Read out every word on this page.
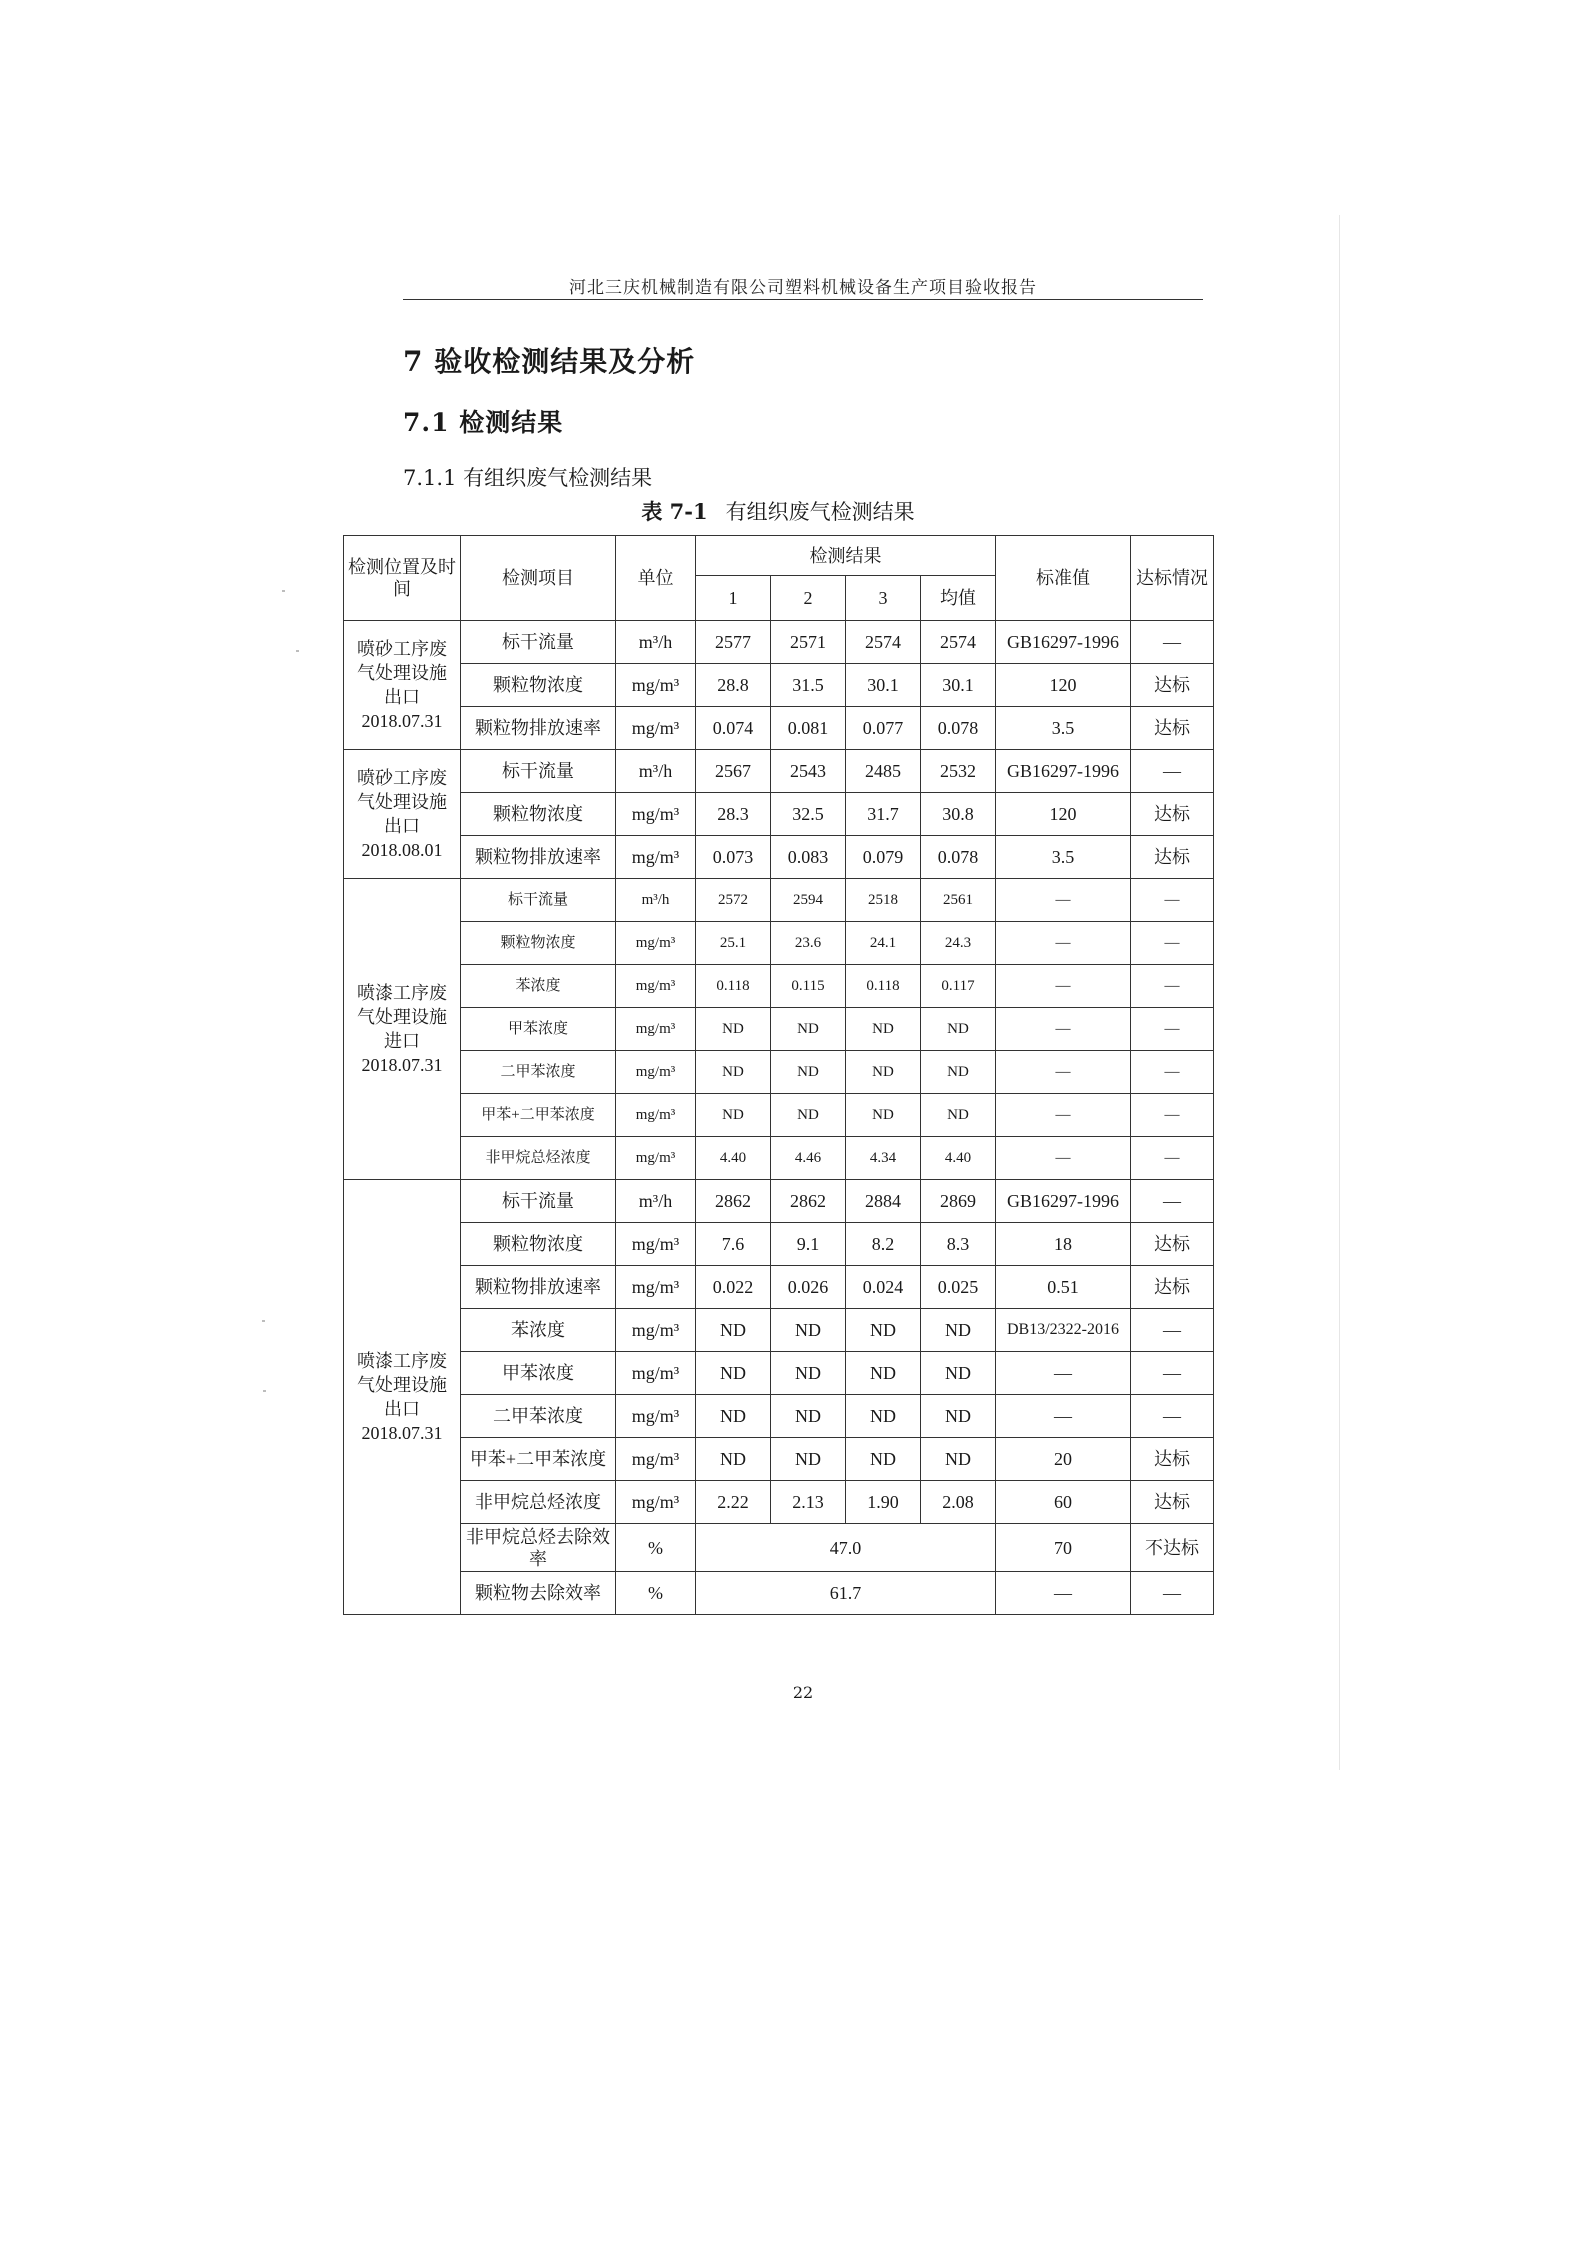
河北三庆机械制造有限公司塑料机械设备生产项目验收报告
7 验收检测结果及分析
7.1 检测结果
7.1.1 有组织废气检测结果
表 7-1 有组织废气检测结果
检测位置及时间	检测项目	单位	检测结果				标准值	达标情况
			1	2	3	均值		
喷砂工序废气处理设施出口2018.07.31	标干流量	m³/h	2577	2571	2574	2574	GB16297-1996	—
	颗粒物浓度	mg/m³	28.8	31.5	30.1	30.1	120	达标
	颗粒物排放速率	mg/m³	0.074	0.081	0.077	0.078	3.5	达标
喷砂工序废气处理设施出口2018.08.01	标干流量	m³/h	2567	2543	2485	2532	GB16297-1996	—
	颗粒物浓度	mg/m³	28.3	32.5	31.7	30.8	120	达标
	颗粒物排放速率	mg/m³	0.073	0.083	0.079	0.078	3.5	达标
喷漆工序废气处理设施进口2018.07.31	标干流量	m³/h	2572	2594	2518	2561	—	—
	颗粒物浓度	mg/m³	25.1	23.6	24.1	24.3	—	—
	苯浓度	mg/m³	0.118	0.115	0.118	0.117	—	—
	甲苯浓度	mg/m³	ND	ND	ND	ND	—	—
	二甲苯浓度	mg/m³	ND	ND	ND	ND	—	—
	甲苯+二甲苯浓度	mg/m³	ND	ND	ND	ND	—	—
	非甲烷总烃浓度	mg/m³	4.40	4.46	4.34	4.40	—	—
喷漆工序废气处理设施出口2018.07.31	标干流量	m³/h	2862	2862	2884	2869	GB16297-1996	—
	颗粒物浓度	mg/m³	7.6	9.1	8.2	8.3	18	达标
	颗粒物排放速率	mg/m³	0.022	0.026	0.024	0.025	0.51	达标
	苯浓度	mg/m³	ND	ND	ND	ND	DB13/2322-2016	—
	甲苯浓度	mg/m³	ND	ND	ND	ND	—	—
	二甲苯浓度	mg/m³	ND	ND	ND	ND	—	—
	甲苯+二甲苯浓度	mg/m³	ND	ND	ND	ND	20	达标
	非甲烷总烃浓度	mg/m³	2.22	2.13	1.90	2.08	60	达标
	非甲烷总烃去除效率	%	47.0				70	不达标
	颗粒物去除效率	%	61.7				—	—
22
